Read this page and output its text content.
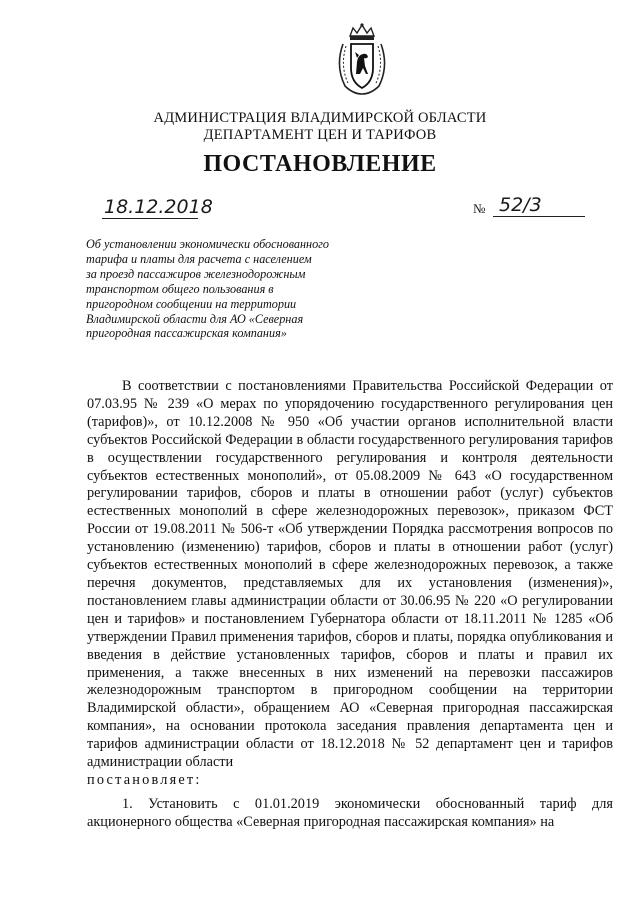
АДМИНИСТРАЦИЯ ВЛАДИМИРСКОЙ ОБЛАСТИ
ДЕПАРТАМЕНТ ЦЕН И ТАРИФОВ
ПОСТАНОВЛЕНИЕ
18.12.2018	№ 52/3
Об установлении экономически обоснованного
тарифа и платы для расчета с населением
за проезд пассажиров железнодорожным
транспортом общего пользования в
пригородном сообщении на территории
Владимирской области для АО «Северная
пригородная пассажирская компания»

В соответствии с постановлениями Правительства Российской Федерации от 07.03.95 № 239 «О мерах по упорядочению государственного регулирования цен (тарифов)», от 10.12.2008 № 950 «Об участии органов исполнительной власти субъектов Российской Федерации в области государственного регулирования тарифов в осуществлении государственного регулирования и контроля деятельности субъектов естественных монополий», от 05.08.2009 № 643 «О государственном регулировании тарифов, сборов и платы в отношении работ (услуг) субъектов естественных монополий в сфере железнодорожных перевозок», приказом ФСТ России от 19.08.2011 № 506-т «Об утверждении Порядка рассмотрения вопросов по установлению (изменению) тарифов, сборов и платы в отношении работ (услуг) субъектов естественных монополий в сфере железнодорожных перевозок, а также перечня документов, представляемых для их установления (изменения)», постановлением главы администрации области от 30.06.95 № 220 «О регулировании цен и тарифов» и постановлением Губернатора области от 18.11.2011 № 1285 «Об утверждении Правил применения тарифов, сборов и платы, порядка опубликования и введения в действие установленных тарифов, сборов и платы и правил их применения, а также внесенных в них изменений на перевозки пассажиров железнодорожным транспортом в пригородном сообщении на территории Владимирской области», обращением АО «Северная пригородная пассажирская компания», на основании протокола заседания правления департамента цен и тарифов администрации области от 18.12.2018 № 52 департамент цен и тарифов администрации области

постановляет:

1. Установить с 01.01.2019 экономически обоснованный тариф для акционерного общества «Северная пригородная пассажирская компания» на
